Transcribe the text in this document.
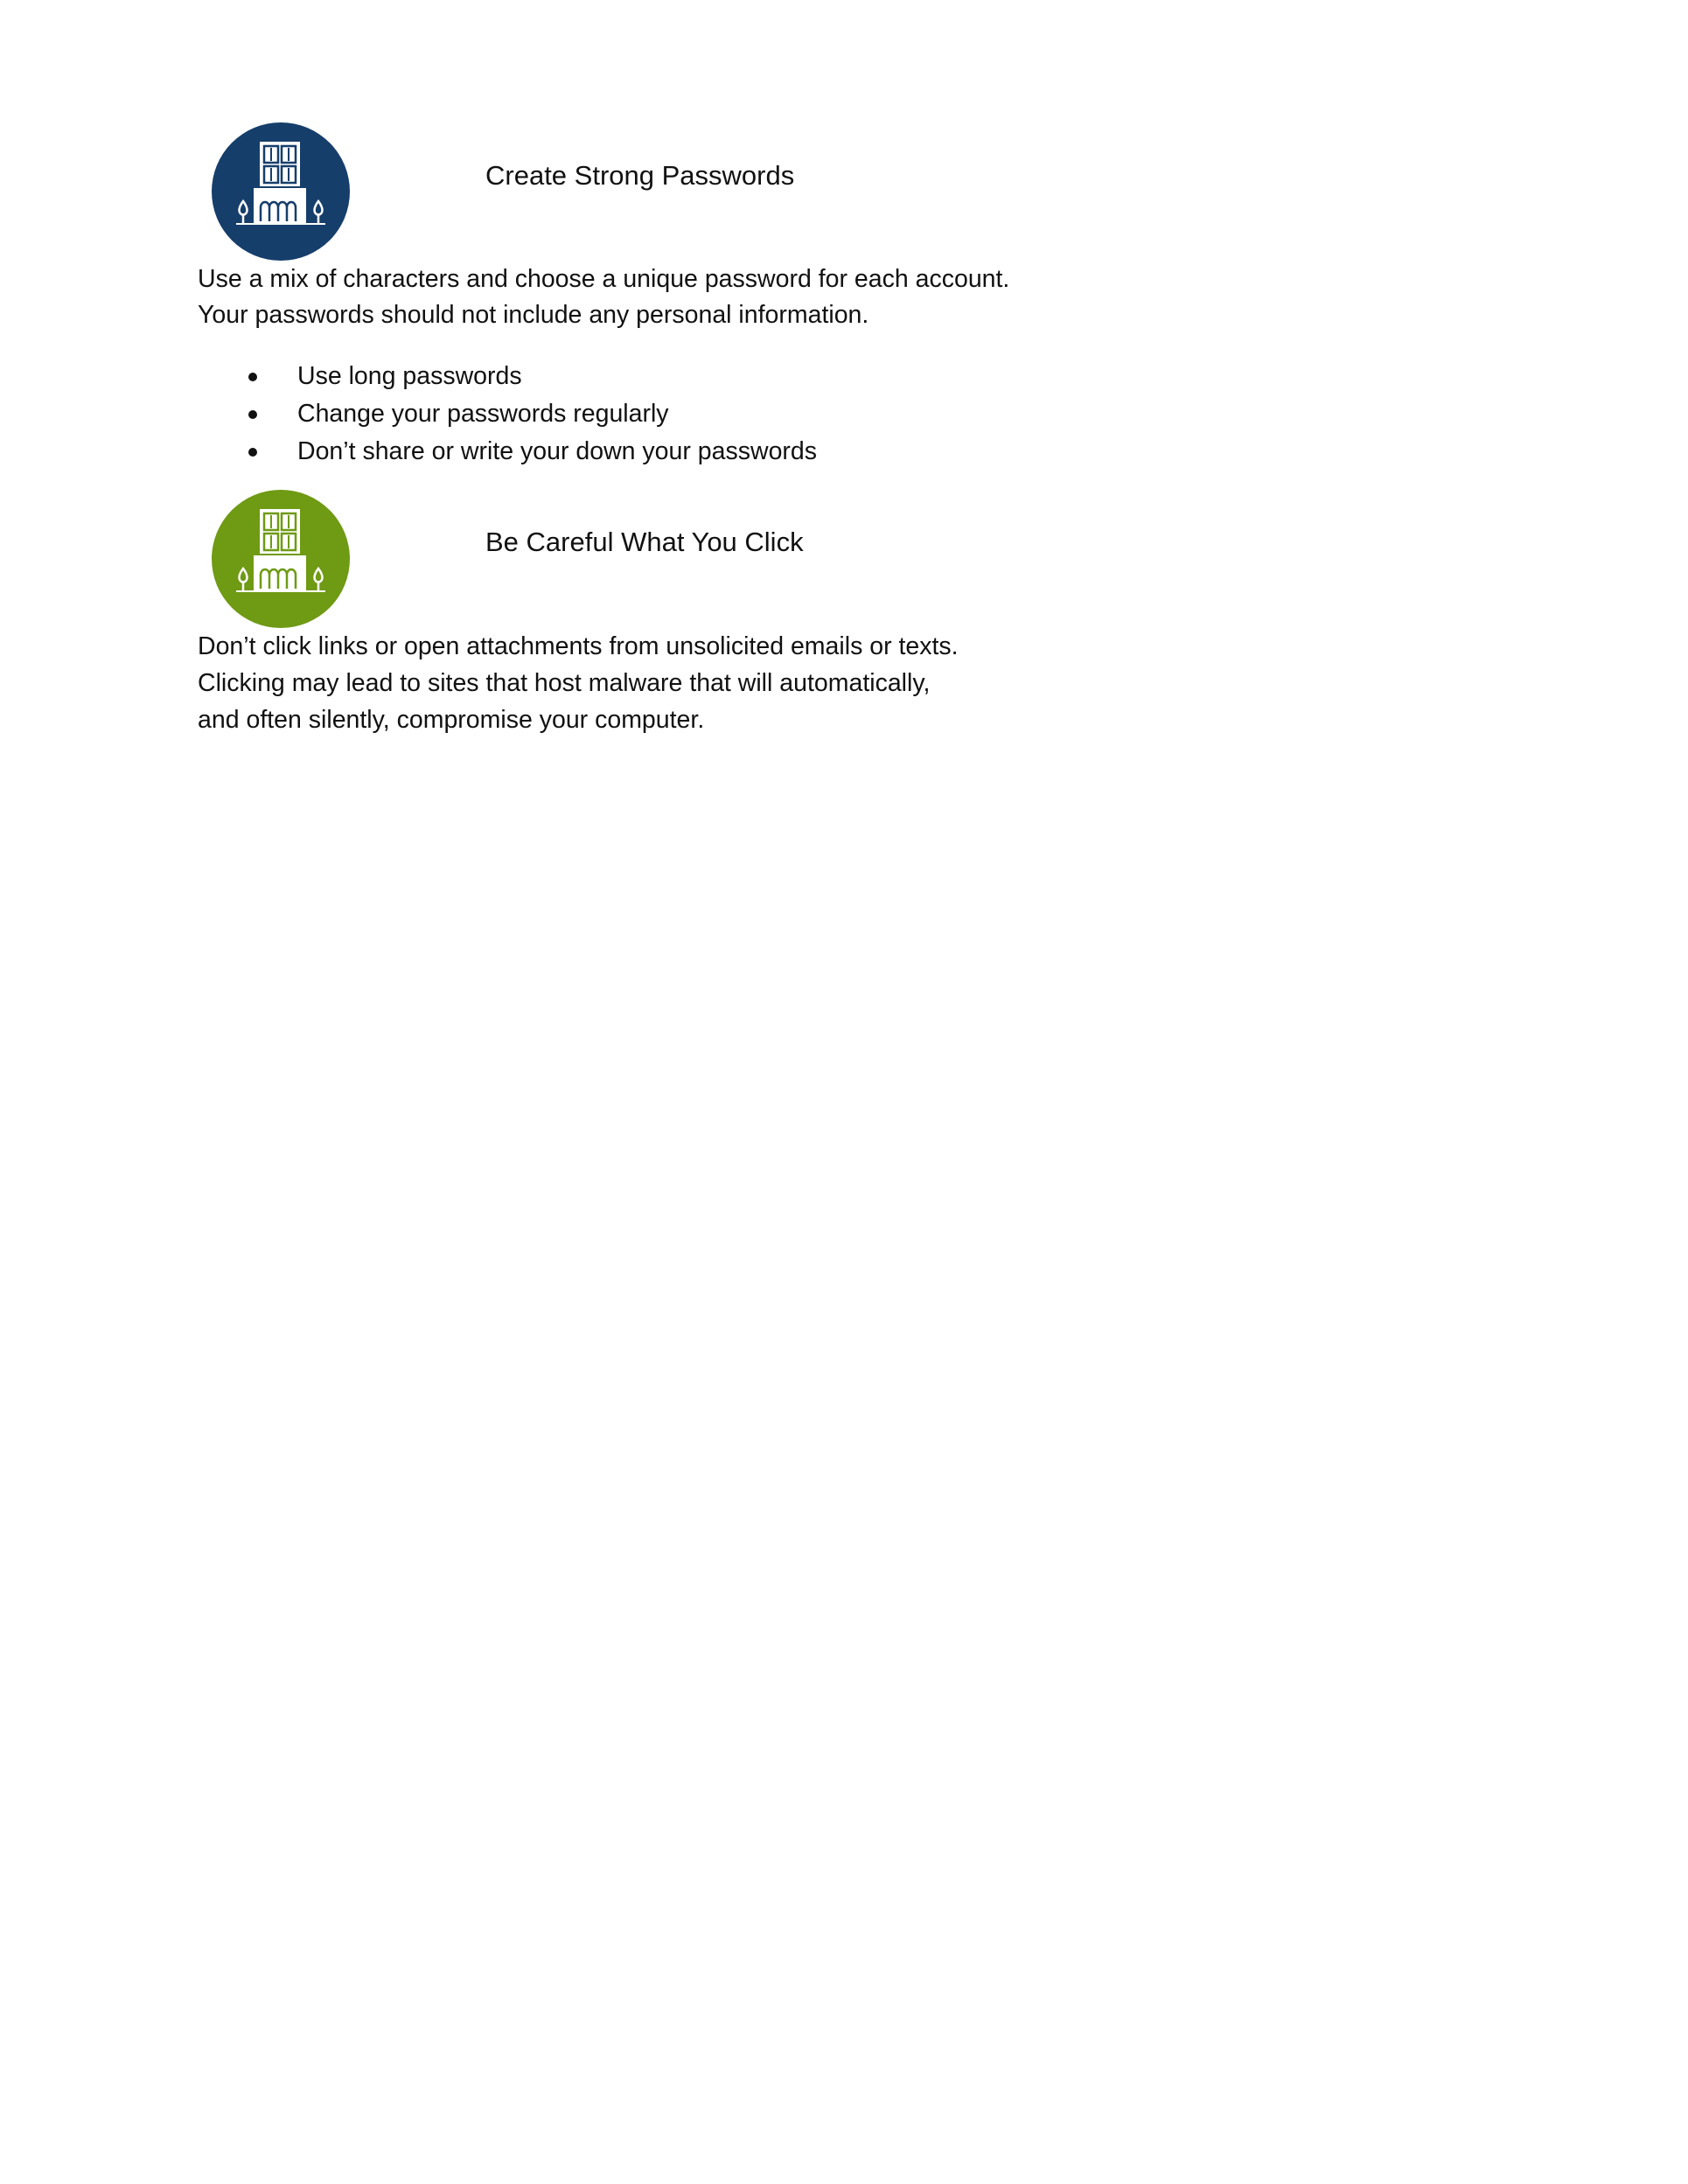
Create Strong Passwords

Use a mix of characters and choose a unique password for each account.

Your passwords should not include any personal information.

Use long passwords
Change your passwords regularly
Don’t share or write your down your passwords
Be Careful What You Click

Don’t click links or open attachments from unsolicited emails or texts.

Clicking may lead to sites that host malware that will automatically,

and often silently, compromise your computer.
